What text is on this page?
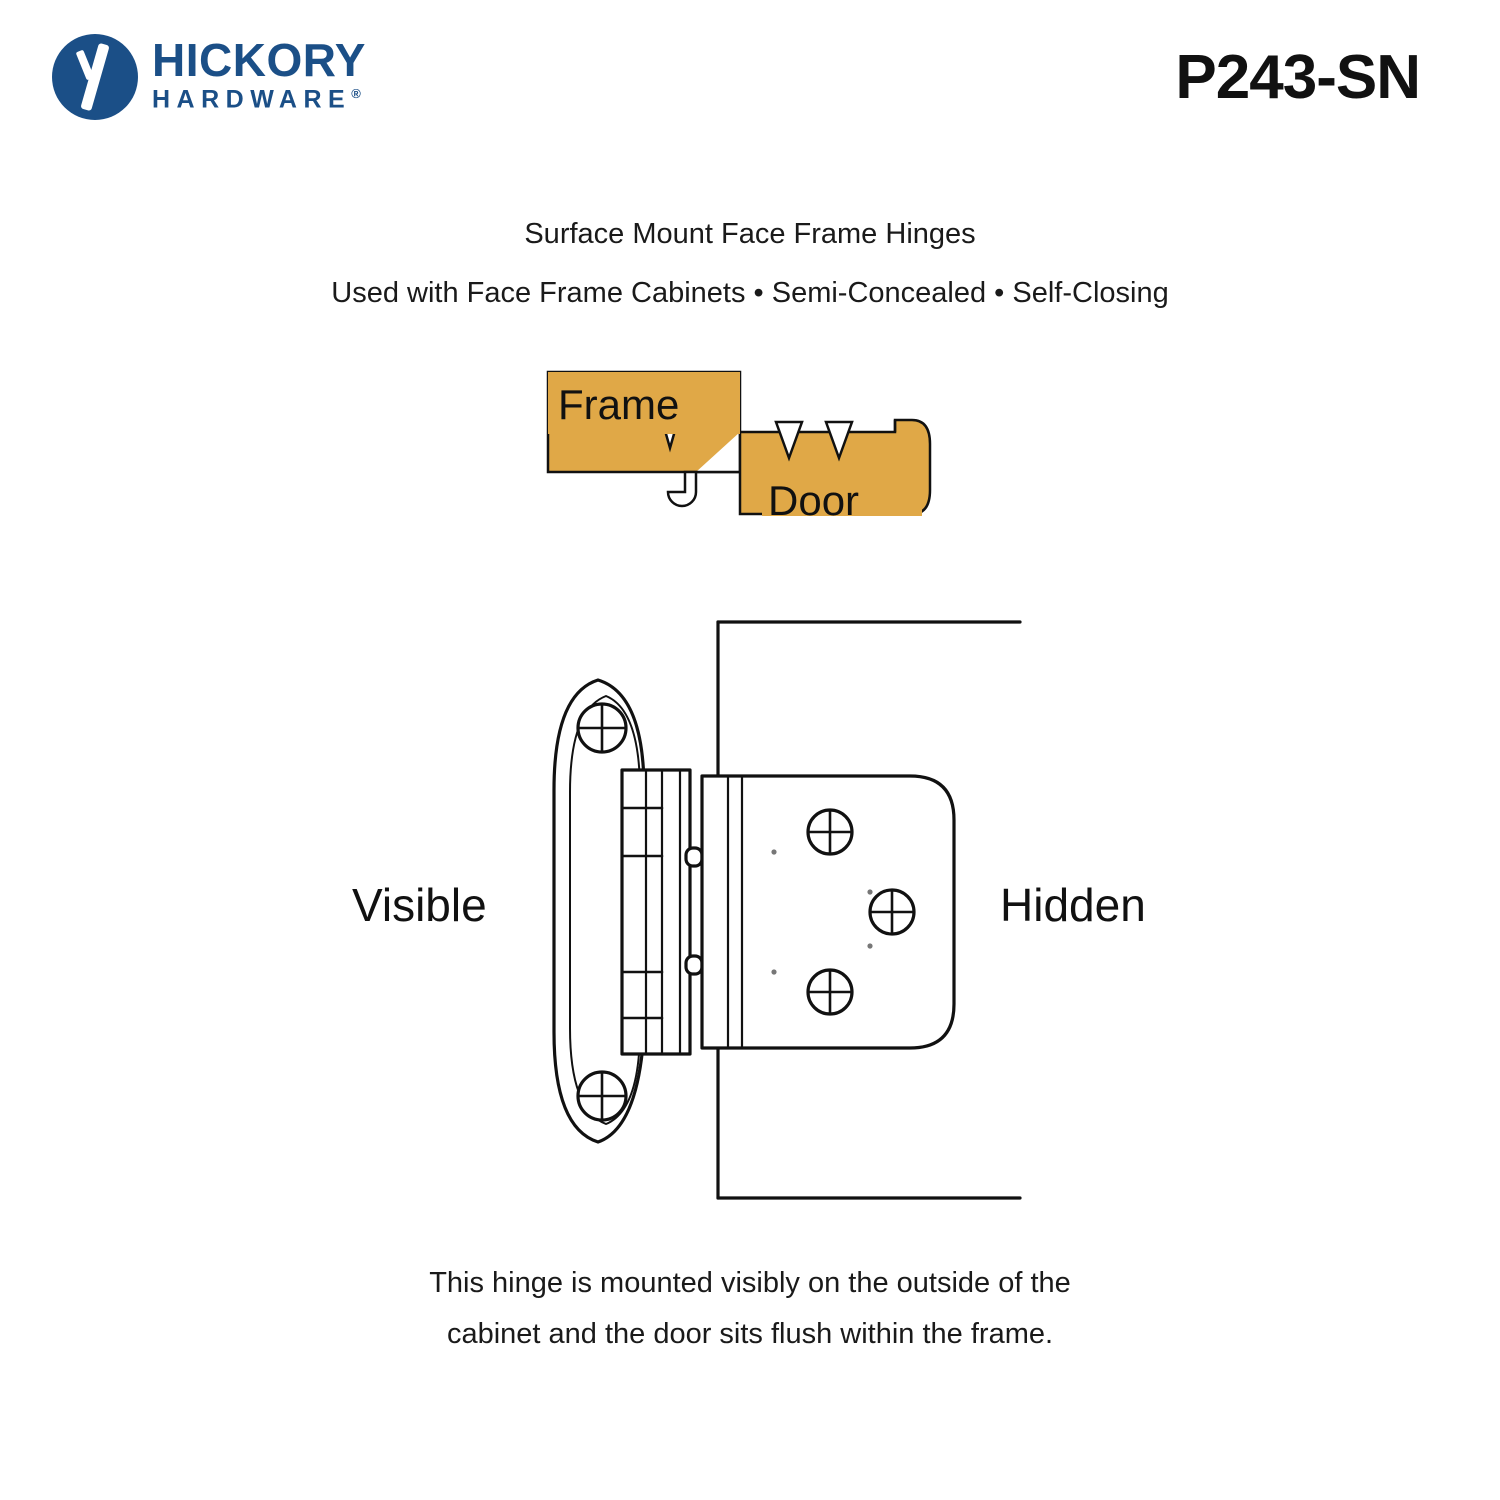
HICKORY
HARDWARE®	P243-SN
Surface Mount Face Frame Hinges
Used with Face Frame Cabinets • Semi-Concealed • Self-Closing
Frame
Door
Visible	Hidden
This hinge is mounted visibly on the outside of the
cabinet and the door sits flush within the frame.
